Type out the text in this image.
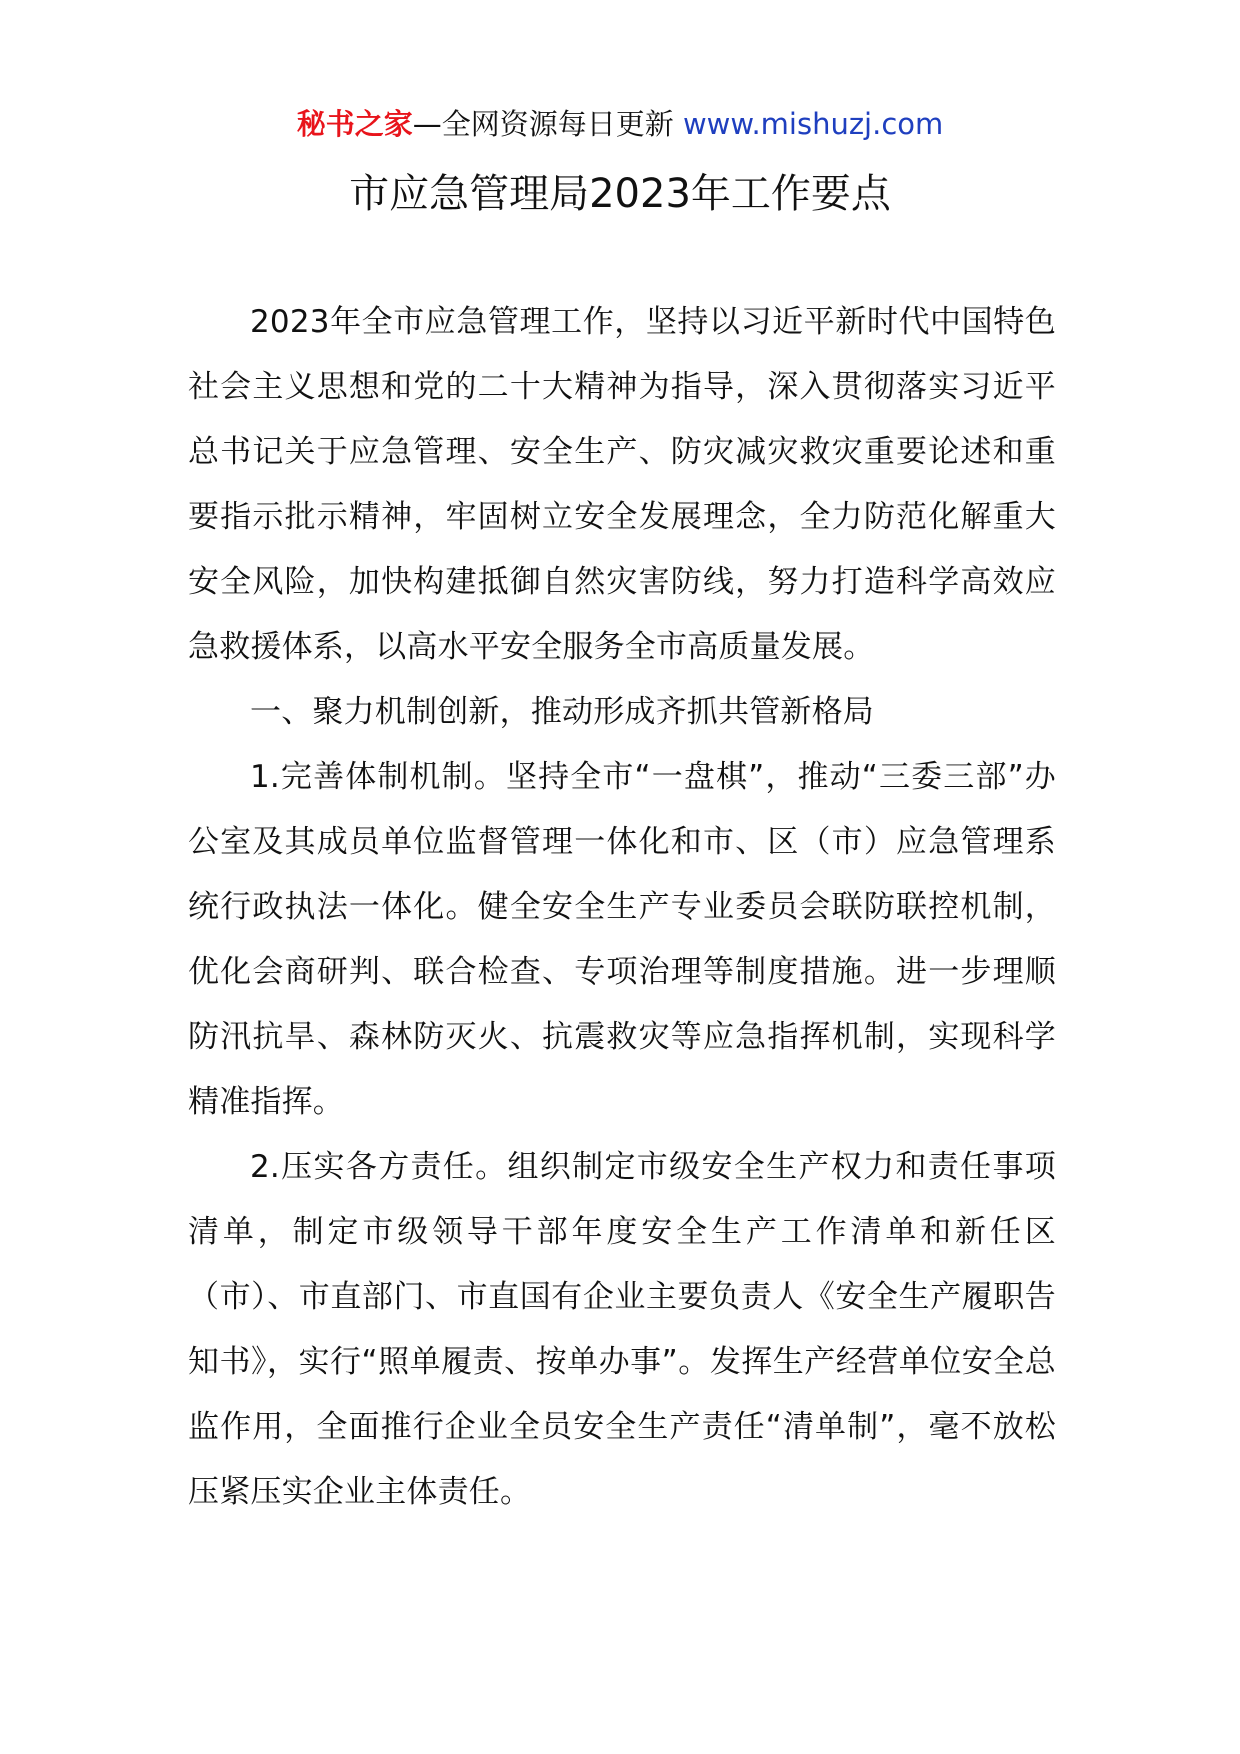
秘书之家—全网资源每日更新 www.mishuzj.com
市应急管理局2023年工作要点

2023年全市应急管理工作，坚持以习近平新时代中国特色社会主义思想和党的二十大精神为指导，深入贯彻落实习近平总书记关于应急管理、安全生产、防灾减灾救灾重要论述和重要指示批示精神，牢固树立安全发展理念，全力防范化解重大安全风险，加快构建抵御自然灾害防线，努力打造科学高效应急救援体系，以高水平安全服务全市高质量发展。

一、聚力机制创新，推动形成齐抓共管新格局

1.完善体制机制。坚持全市“一盘棋”，推动“三委三部”办公室及其成员单位监督管理一体化和市、区（市）应急管理系统行政执法一体化。健全安全生产专业委员会联防联控机制，优化会商研判、联合检查、专项治理等制度措施。进一步理顺防汛抗旱、森林防灭火、抗震救灾等应急指挥机制，实现科学精准指挥。

2.压实各方责任。组织制定市级安全生产权力和责任事项清单，制定市级领导干部年度安全生产工作清单和新任区（市）、市直部门、市直国有企业主要负责人《安全生产履职告知书》，实行“照单履责、按单办事”。发挥生产经营单位安全总监作用，全面推行企业全员安全生产责任“清单制”，毫不放松压紧压实企业主体责任。
